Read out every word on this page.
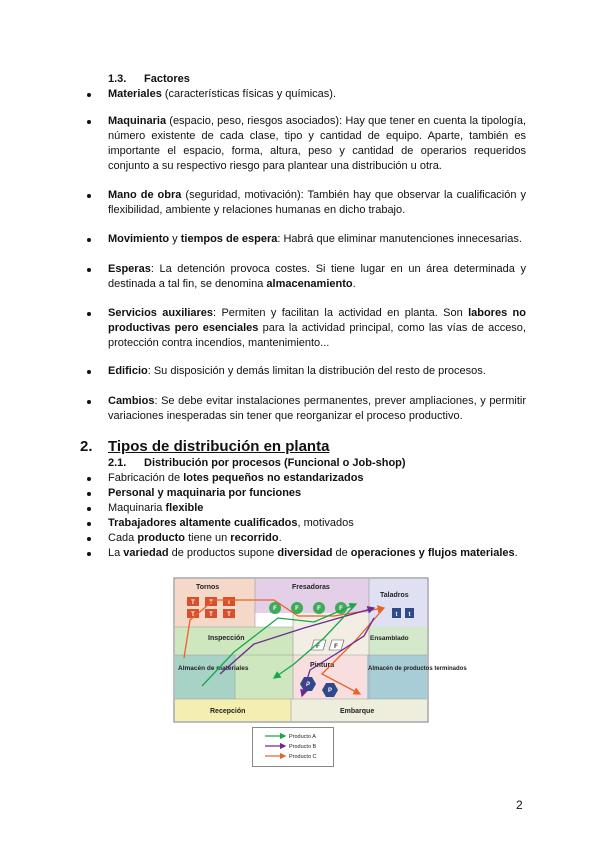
1.3. Factores
Materiales (características físicas y químicas).
Maquinaria (espacio, peso, riesgos asociados): Hay que tener en cuenta la tipología, número existente de cada clase, tipo y cantidad de equipo. Aparte, también es importante el espacio, forma, altura, peso y cantidad de operarios requeridos conjunto a su respectivo riesgo para plantear una distribución u otra.
Mano de obra (seguridad, motivación): También hay que observar la cualificación y flexibilidad, ambiente y relaciones humanas en dicho trabajo.
Movimiento y tiempos de espera: Habrá que eliminar manutenciones innecesarias.
Esperas: La detención provoca costes. Si tiene lugar en un área determinada y destinada a tal fin, se denomina almacenamiento.
Servicios auxiliares: Permiten y facilitan la actividad en planta. Son labores no productivas pero esenciales para la actividad principal, como las vías de acceso, protección contra incendios, mantenimiento...
Edificio: Su disposición y demás limitan la distribución del resto de procesos.
Cambios: Se debe evitar instalaciones permanentes, prever ampliaciones, y permitir variaciones inesperadas sin tener que reorganizar el proceso productivo.
2. Tipos de distribución en planta
2.1. Distribución por procesos (Funcional o Job-shop)
Fabricación de lotes pequeños no estandarizados
Personal y maquinaria por funciones
Maquinaria flexible
Trabajadores altamente cualificados, motivados
Cada producto tiene un recorrido.
La variedad de productos supone diversidad de operaciones y flujos materiales.
Tornos	Fresadoras
Taladros
Inspección	Ensamblado
Almacén de materiales	Pintura	Almacén de productos terminados
Recepción	Embarque
T T T
T T T
F	F	F	F
t t
F F
P
P
Producto A
Producto B
Producto C
2
